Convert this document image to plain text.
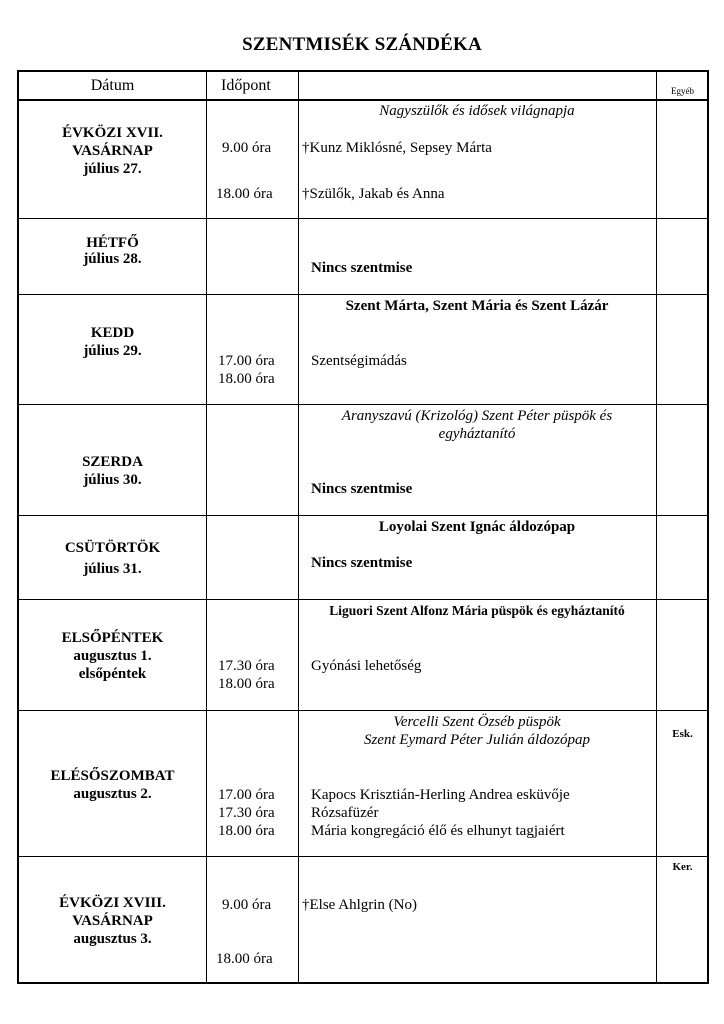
SZENTMISÉK SZÁNDÉKA
Dátum	Időpont	Egyéb
ÉVKÖZI XVII.
VASÁRNAP
július 27.
Nagyszülők és idősek világnapja
9.00 óra
18.00 óra
†Kunz Miklósné, Sepsey Márta
†Szülők, Jakab és Anna
HÉTFŐ
július 28.
Nincs szentmise
KEDD
július 29.
Szent Márta, Szent Mária és Szent Lázár
17.00 óra
18.00 óra
Szentségimádás
SZERDA
július 30.
Aranyszavú (Krizológ) Szent Péter püspök és
egyháztanító
Nincs szentmise
CSÜTÖRTÖK
július 31.
Loyolai Szent Ignác áldozópap
Nincs szentmise
ELSŐPÉNTEK
augusztus 1.
elsőpéntek
Liguori Szent Alfonz Mária püspök és egyháztanító
17.30 óra
18.00 óra
Gyónási lehetőség
ELÉSŐSZOMBAT
augusztus 2.
Vercelli Szent Özséb püspök
Szent Eymard Péter Julián áldozópap
17.00 óra
17.30 óra
18.00 óra
Kapocs Krisztián-Herling Andrea esküvője
Rózsafüzér
Mária kongregáció élő és elhunyt tagjaiért
Esk.
ÉVKÖZI XVIII.
VASÁRNAP
augusztus 3.
9.00 óra
18.00 óra
†Else Ahlgrin (No)
Ker.
